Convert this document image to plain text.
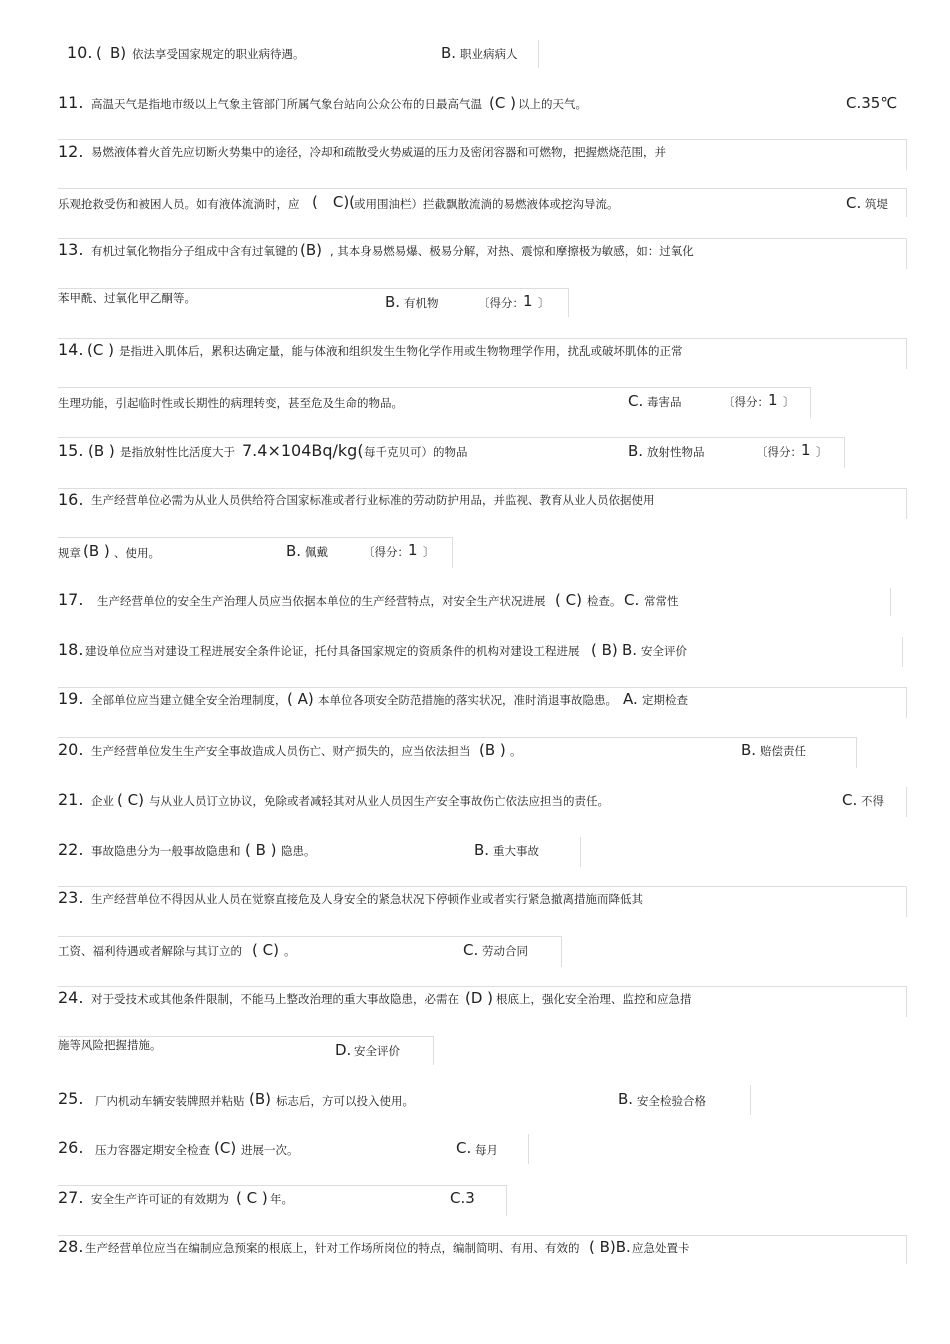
10. ( B) 依法享受国家规定的职业病待遇。	B. 职业病病人
11. 高温天气是指地市级以上气象主管部门所属气象台站向公众公布的日最高气温 (C ) 以上的天气。	C.35℃
12. 易燃液体着火首先应切断火势集中的途径，冷却和疏散受火势威逼的压力及密闭容器和可燃物，把握燃烧范围，并
乐观抢救受伤和被困人员。如有液体流淌时，应 (　C)(
或用围油栏）拦截飘散流淌的易燃液体或挖沟导流。	C. 筑堤
13. 有机过氧化物指分子组成中含有过氧键的 (B) , 其本身易燃易爆、极易分解，对热、震惊和摩擦极为敏感，如：过氧化
苯甲酰、过氧化甲乙酮等。	B. 有机物	〔得分： 1 〕
14. (C ) 是指进入肌体后，累积达确定量，能与体液和组织发生生物化学作用或生物物理学作用，扰乱或破坏肌体的正常
生理功能，引起临时性或长期性的病理转变，甚至危及生命的物品。	C. 毒害品	〔得分： 1 〕
15. (B ) 是指放射性比活度大于 7.4×104Bq/kg( 每千克贝可）的物品	B. 放射性物品	〔得分： 1 〕
16. 生产经营单位必需为从业人员供给符合国家标准或者行业标准的劳动防护用品，并监视、教育从业人员依据使用
规章 (B ) 、使用。	B. 佩戴	〔得分： 1 〕
17. 生产经营单位的安全生产治理人员应当依据本单位的生产经营特点，对安全生产状况进展 ( C) 检查。 C. 常常性
18. 建设单位应当对建设工程进展安全条件论证，托付具备国家规定的资质条件的机构对建设工程进展 ( B) B. 安全评价
19. 全部单位应当建立健全安全治理制度， ( A) 本单位各项安全防范措施的落实状况，准时消退事故隐患。 A. 定期检查
20. 生产经营单位发生生产安全事故造成人员伤亡、财产损失的，应当依法担当 (B ) 。	B. 赔偿责任
21. 企业 ( C) 与从业人员订立协议，免除或者减轻其对从业人员因生产安全事故伤亡依法应担当的责任。	C. 不得
22. 事故隐患分为一般事故隐患和 ( B ) 隐患。	B. 重大事故
23. 生产经营单位不得因从业人员在觉察直接危及人身安全的紧急状况下停顿作业或者实行紧急撤离措施而降低其
工资、福利待遇或者解除与其订立的 ( C) 。	C. 劳动合同
24. 对于受技术或其他条件限制，不能马上整改治理的重大事故隐患，必需在 (D ) 根底上，强化安全治理、监控和应急措
施等风险把握措施。	D. 安全评价
25. 厂内机动车辆安装牌照并粘贴 (B) 标志后，方可以投入使用。	B. 安全检验合格
26. 压力容器定期安全检查 (C) 进展一次。	C. 每月
27. 安全生产许可证的有效期为 ( C ) 年。	C.3
28. 生产经营单位应当在编制应急预案的根底上，针对工作场所岗位的特点，编制简明、有用、有效的 ( B)B. 应急处置卡
